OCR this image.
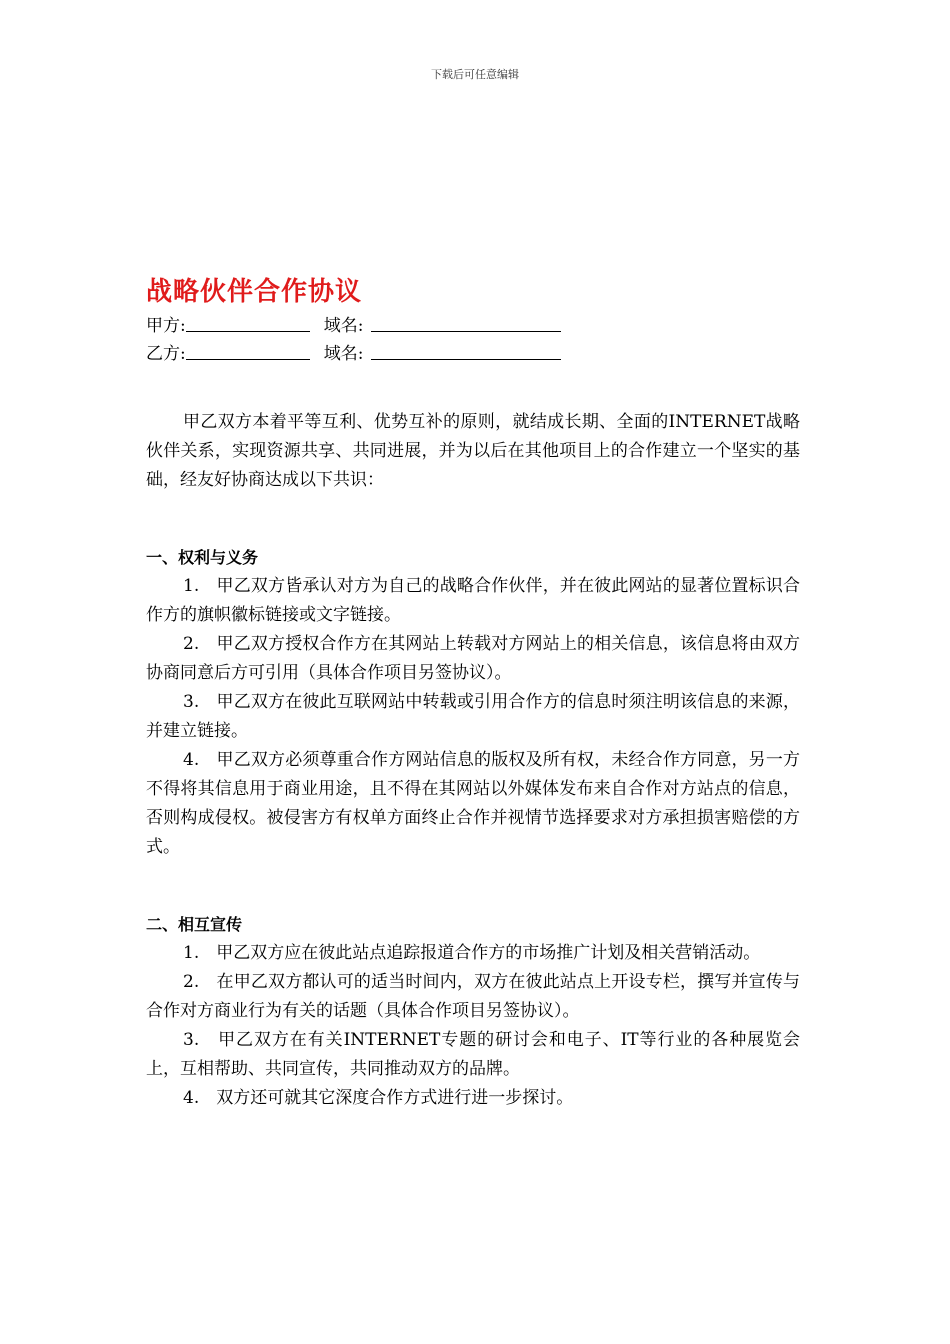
下载后可任意编辑
战略伙伴合作协议
甲方:	域名:
乙方:	域名:

甲乙双方本着平等互利、优势互补的原则，就结成长期、全面的INTERNET战略伙伴关系，实现资源共享、共同进展，并为以后在其他项目上的合作建立一个坚实的基础，经友好协商达成以下共识：

一、权利与义务

1.　甲乙双方皆承认对方为自己的战略合作伙伴，并在彼此网站的显著位置标识合作方的旗帜徽标链接或文字链接。

2.　甲乙双方授权合作方在其网站上转载对方网站上的相关信息，该信息将由双方协商同意后方可引用（具体合作项目另签协议）。

3.　甲乙双方在彼此互联网站中转载或引用合作方的信息时须注明该信息的来源，并建立链接。

4.　甲乙双方必须尊重合作方网站信息的版权及所有权，未经合作方同意，另一方不得将其信息用于商业用途，且不得在其网站以外媒体发布来自合作对方站点的信息，否则构成侵权。被侵害方有权单方面终止合作并视情节选择要求对方承担损害赔偿的方式。

二、相互宣传

1.　甲乙双方应在彼此站点追踪报道合作方的市场推广计划及相关营销活动。

2.　在甲乙双方都认可的适当时间内，双方在彼此站点上开设专栏，撰写并宣传与合作对方商业行为有关的话题（具体合作项目另签协议）。

3.　甲乙双方在有关INTERNET专题的研讨会和电子、IT等行业的各种展览会上，互相帮助、共同宣传，共同推动双方的品牌。

4.　双方还可就其它深度合作方式进行进一步探讨。
